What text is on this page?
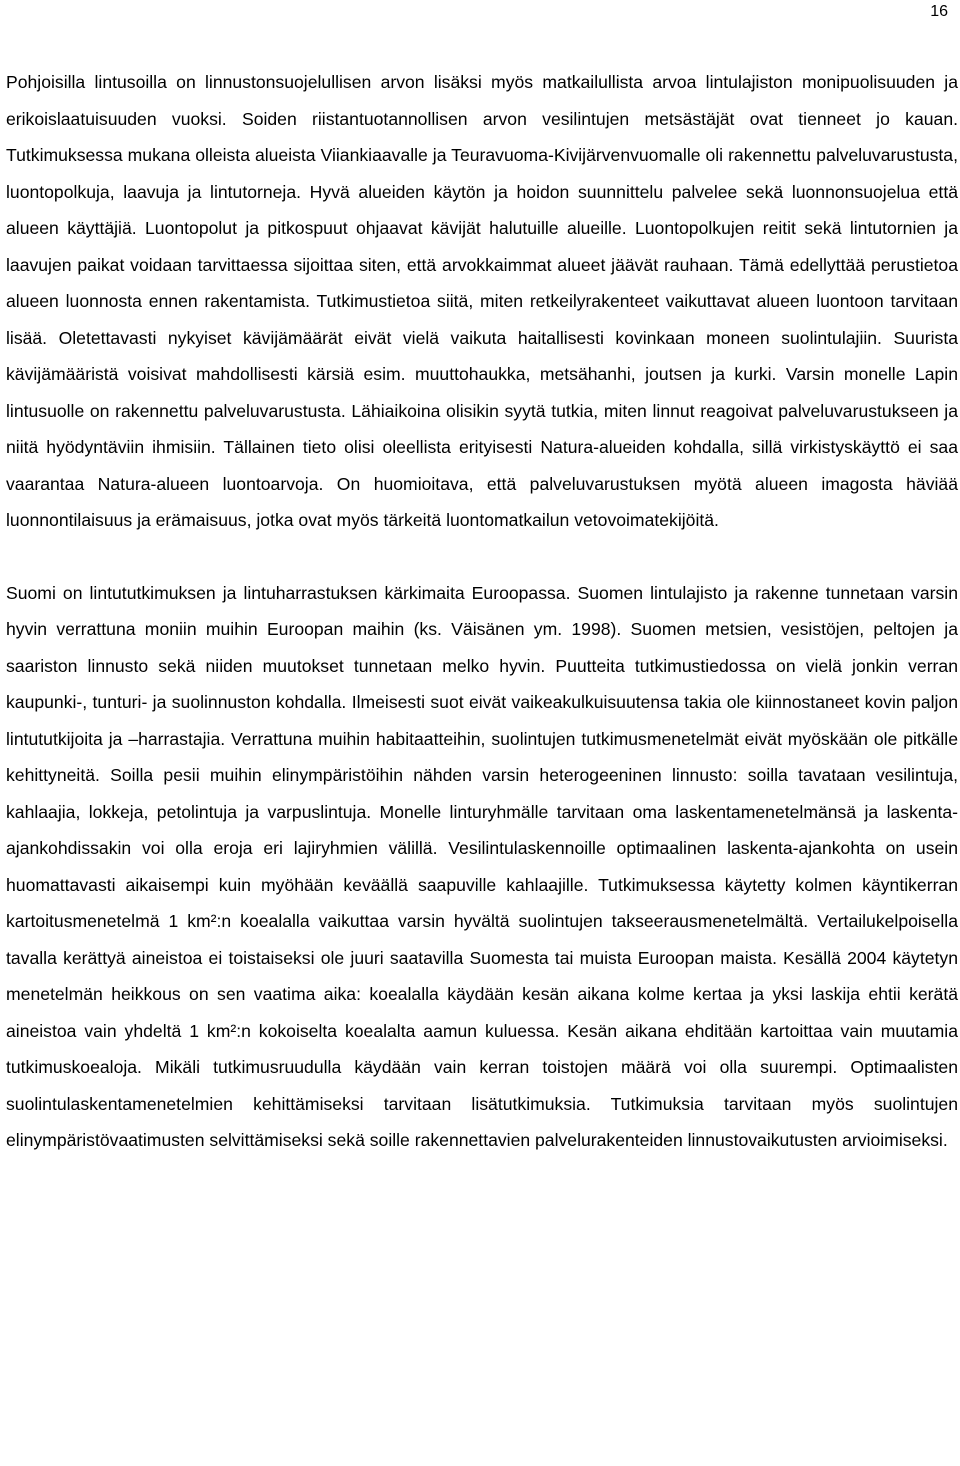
16

Pohjoisilla lintusoilla on linnustonsuojelullisen arvon lisäksi myös matkailullista arvoa lintulajiston monipuolisuuden ja erikoislaatuisuuden vuoksi. Soiden riistantuotannollisen arvon vesilintujen metsästäjät ovat tienneet jo kauan. Tutkimuksessa mukana olleista alueista Viiankiaavalle ja Teuravuoma-Kivijärvenvuomalle oli rakennettu palveluvarustusta, luontopolkuja, laavuja ja lintutorneja. Hyvä alueiden käytön ja hoidon suunnittelu palvelee sekä luonnonsuojelua että alueen käyttäjiä. Luontopolut ja pitkospuut ohjaavat kävijät halutuille alueille. Luontopolkujen reitit sekä lintutornien ja laavujen paikat voidaan tarvittaessa sijoittaa siten, että arvokkaimmat alueet jäävät rauhaan. Tämä edellyttää perustietoa alueen luonnosta ennen rakentamista. Tutkimustietoa siitä, miten retkeilyrakenteet vaikuttavat alueen luontoon tarvitaan lisää. Oletettavasti nykyiset kävijämäärät eivät vielä vaikuta haitallisesti kovinkaan moneen suolintulajiin. Suurista kävijämääristä voisivat mahdollisesti kärsiä esim. muuttohaukka, metsähanhi, joutsen ja kurki. Varsin monelle Lapin lintusuolle on rakennettu palveluvarustusta. Lähiaikoina olisikin syytä tutkia, miten linnut reagoivat palveluvarustukseen ja niitä hyödyntäviin ihmisiin. Tällainen tieto olisi oleellista erityisesti Natura-alueiden kohdalla, sillä virkistyskäyttö ei saa vaarantaa Natura-alueen luontoarvoja. On huomioitava, että palveluvarustuksen myötä alueen imagosta häviää luonnontilaisuus ja erämaisuus, jotka ovat myös tärkeitä luontomatkailun vetovoimatekijöitä.

Suomi on lintututkimuksen ja lintuharrastuksen kärkimaita Euroopassa. Suomen lintulajisto ja rakenne tunnetaan varsin hyvin verrattuna moniin muihin Euroopan maihin (ks. Väisänen ym. 1998). Suomen metsien, vesistöjen, peltojen ja saariston linnusto sekä niiden muutokset tunnetaan melko hyvin. Puutteita tutkimustiedossa on vielä jonkin verran kaupunki-, tunturi- ja suolinnuston kohdalla. Ilmeisesti suot eivät vaikeakulkuisuutensa takia ole kiinnostaneet kovin paljon lintututkijoita ja –harrastajia. Verrattuna muihin habitaatteihin, suolintujen tutkimusmenetelmät eivät myöskään ole pitkälle kehittyneitä. Soilla pesii muihin elinympäristöihin nähden varsin heterogeeninen linnusto: soilla tavataan vesilintuja, kahlaajia, lokkeja, petolintuja ja varpuslintuja. Monelle linturyhmälle tarvitaan oma laskentamenetelmänsä ja laskenta-ajankohdissakin voi olla eroja eri lajiryhmien välillä. Vesilintulaskennoille optimaalinen laskenta-ajankohta on usein huomattavasti aikaisempi kuin myöhään keväällä saapuville kahlaajille. Tutkimuksessa käytetty kolmen käyntikerran kartoitusmenetelmä 1 km²:n koealalla vaikuttaa varsin hyvältä suolintujen takseerausmenetelmältä. Vertailukelpoisella tavalla kerättyä aineistoa ei toistaiseksi ole juuri saatavilla Suomesta tai muista Euroopan maista. Kesällä 2004 käytetyn menetelmän heikkous on sen vaatima aika: koealalla käydään kesän aikana kolme kertaa ja yksi laskija ehtii kerätä aineistoa vain yhdeltä 1 km²:n kokoiselta koealalta aamun kuluessa. Kesän aikana ehditään kartoittaa vain muutamia tutkimuskoealoja. Mikäli tutkimusruudulla käydään vain kerran toistojen määrä voi olla suurempi. Optimaalisten suolintulaskentamenetelmien kehittämiseksi tarvitaan lisätutkimuksia. Tutkimuksia tarvitaan myös suolintujen elinympäristövaatimusten selvittämiseksi sekä soille rakennettavien palvelurakenteiden linnustovaikutusten arvioimiseksi.
